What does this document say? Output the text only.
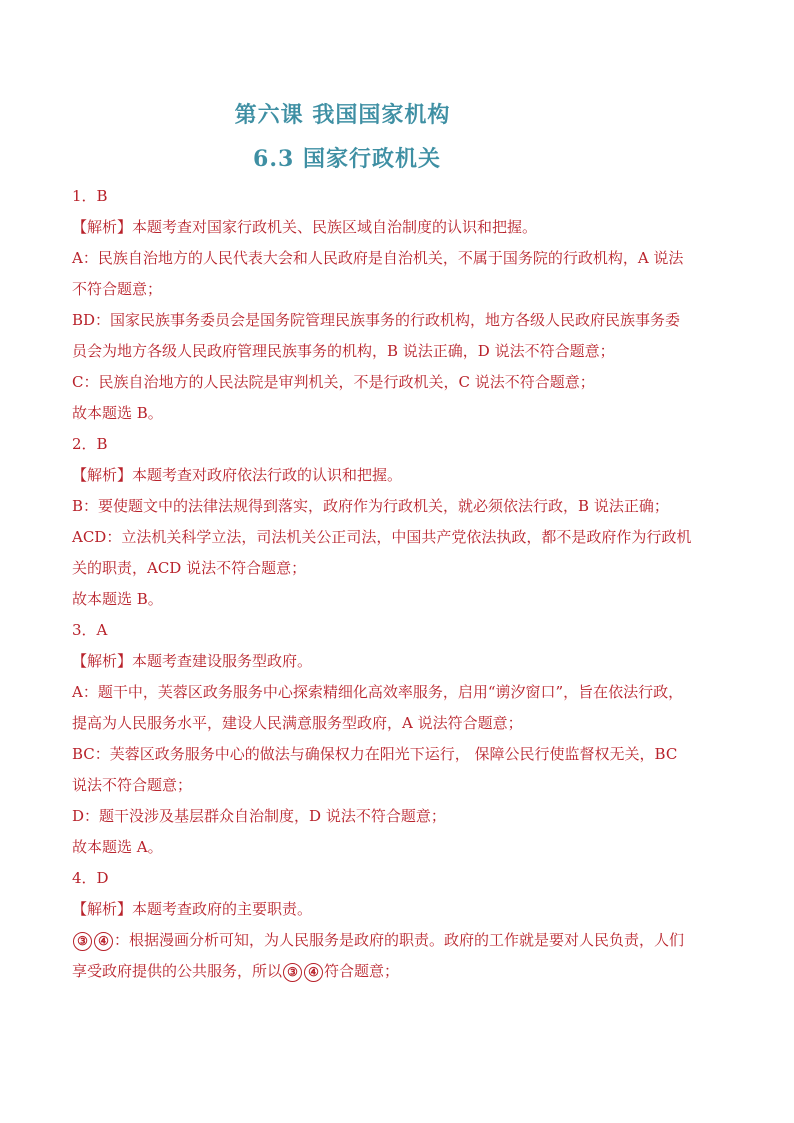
第六课 我国国家机构
6.3 国家行政机关
1．B
【解析】本题考查对国家行政机关、民族区域自治制度的认识和把握。
A：民族自治地方的人民代表大会和人民政府是自治机关，不属于国务院的行政机构，A 说法
不符合题意；
BD：国家民族事务委员会是国务院管理民族事务的行政机构，地方各级人民政府民族事务委
员会为地方各级人民政府管理民族事务的机构，B 说法正确，D 说法不符合题意；
C：民族自治地方的人民法院是审判机关，不是行政机关，C 说法不符合题意；
故本题选 B。
2．B
【解析】本题考查对政府依法行政的认识和把握。
B：要使题文中的法律法规得到落实，政府作为行政机关，就必须依法行政，B 说法正确；
ACD：立法机关科学立法，司法机关公正司法，中国共产党依法执政，都不是政府作为行政机
关的职责，ACD 说法不符合题意；
故本题选 B。
3．A
【解析】本题考查建设服务型政府。
A：题干中，芙蓉区政务服务中心探索精细化高效率服务，启用“谫汐窗口”，旨在依法行政，
提高为人民服务水平，建设人民满意服务型政府，A 说法符合题意；
BC：芙蓉区政务服务中心的做法与确保权力在阳光下运行， 保障公民行使监督权无关，BC
说法不符合题意；
D：题干没涉及基层群众自治制度，D 说法不符合题意；
故本题选 A。
4．D
【解析】本题考查政府的主要职责。
③ ④ ：根据漫画分析可知，为人民服务是政府的职责。政府的工作就是要对人民负责，人们
享受政府提供的公共服务，所以 ③ ④ 符合题意；
